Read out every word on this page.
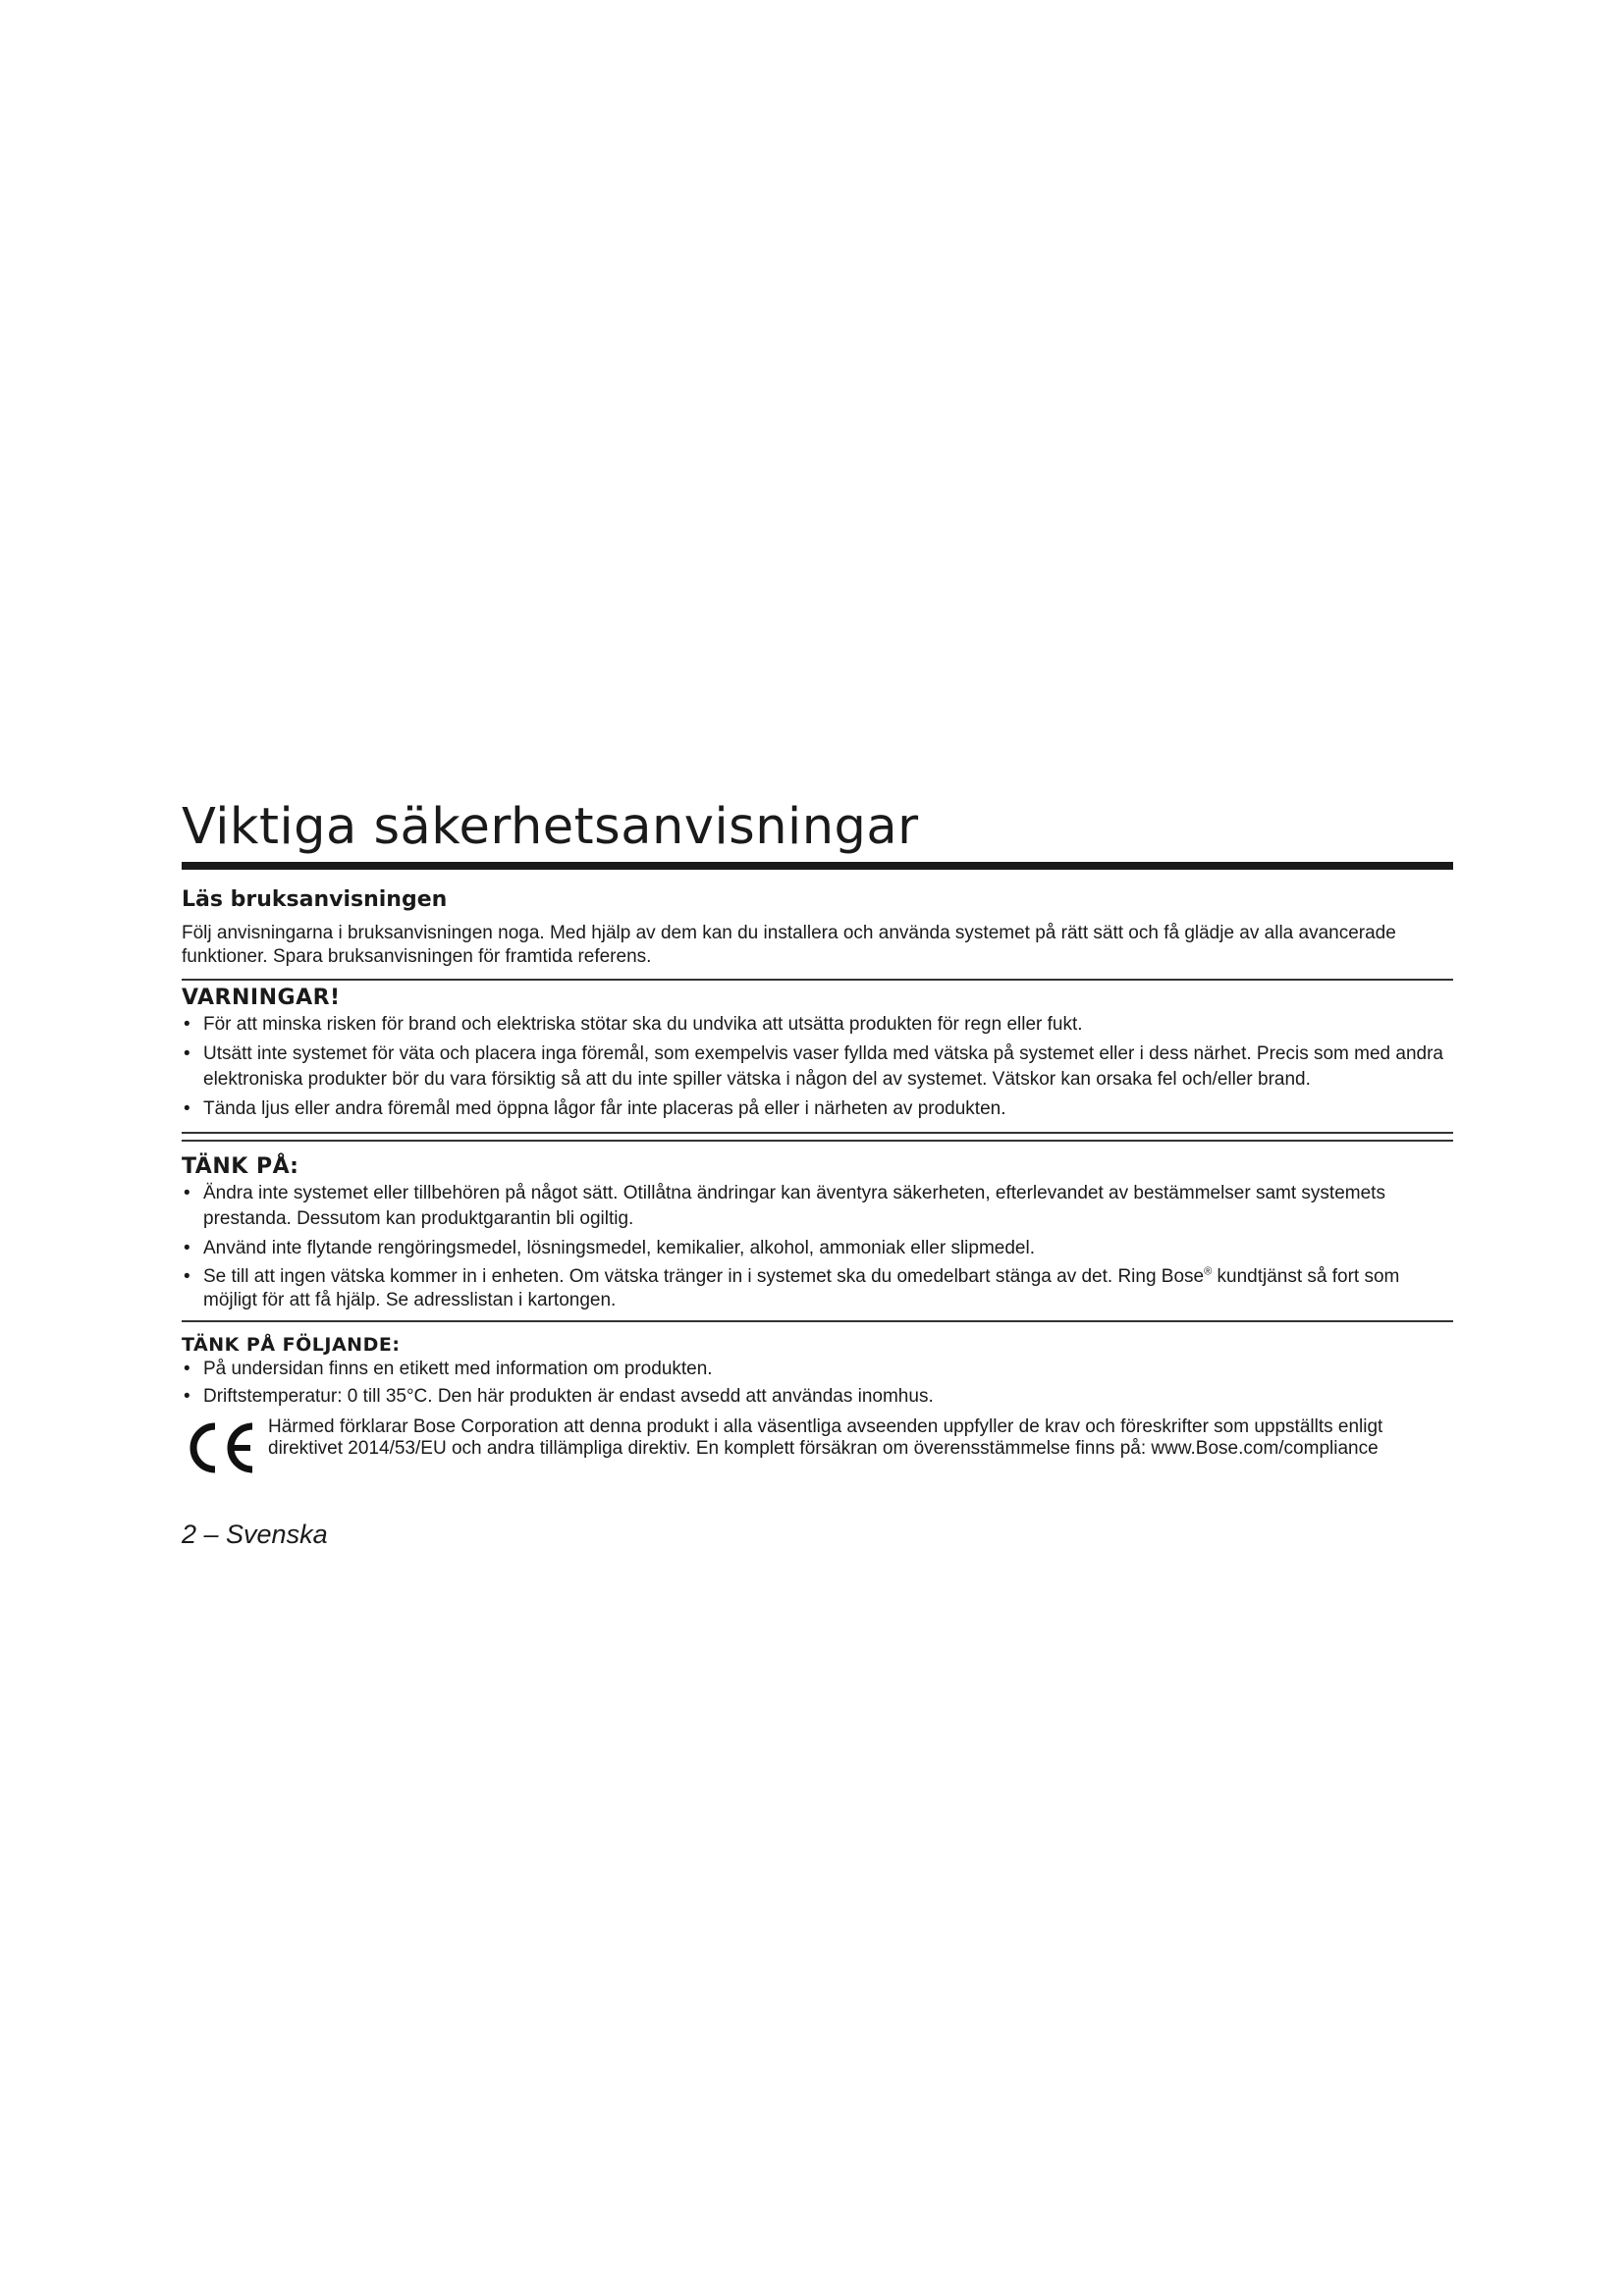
Viktiga säkerhetsanvisningar
Läs bruksanvisningen

Följ anvisningarna i bruksanvisningen noga. Med hjälp av dem kan du installera och använda systemet på rätt sätt och få glädje av alla avancerade funktioner. Spara bruksanvisningen för framtida referens.

VARNINGAR!
• För att minska risken för brand och elektriska stötar ska du undvika att utsätta produkten för regn eller fukt.
• Utsätt inte systemet för väta och placera inga föremål, som exempelvis vaser fyllda med vätska på systemet eller i dess närhet. Precis som med andra elektroniska produkter bör du vara försiktig så att du inte spiller vätska i någon del av systemet. Vätskor kan orsaka fel och/eller brand.
• Tända ljus eller andra föremål med öppna lågor får inte placeras på eller i närheten av produkten.
TÄNK PÅ:
• Ändra inte systemet eller tillbehören på något sätt. Otillåtna ändringar kan äventyra säkerheten, efterlevandet av bestämmelser samt systemets prestanda. Dessutom kan produktgarantin bli ogiltig.
• Använd inte flytande rengöringsmedel, lösningsmedel, kemikalier, alkohol, ammoniak eller slipmedel.
• Se till att ingen vätska kommer in i enheten. Om vätska tränger in i systemet ska du omedelbart stänga av det. Ring Bose® kundtjänst så fort som möjligt för att få hjälp. Se adresslistan i kartongen.
TÄNK PÅ FÖLJANDE:
• På undersidan finns en etikett med information om produkten.
• Driftstemperatur: 0 till 35°C. Den här produkten är endast avsedd att användas inomhus.
Härmed förklarar Bose Corporation att denna produkt i alla väsentliga avseenden uppfyller de krav och föreskrifter som uppställts enligt direktivet 2014/53/EU och andra tillämpliga direktiv. En komplett försäkran om överensstämmelse finns på: www.Bose.com/compliance
2 – Svenska
